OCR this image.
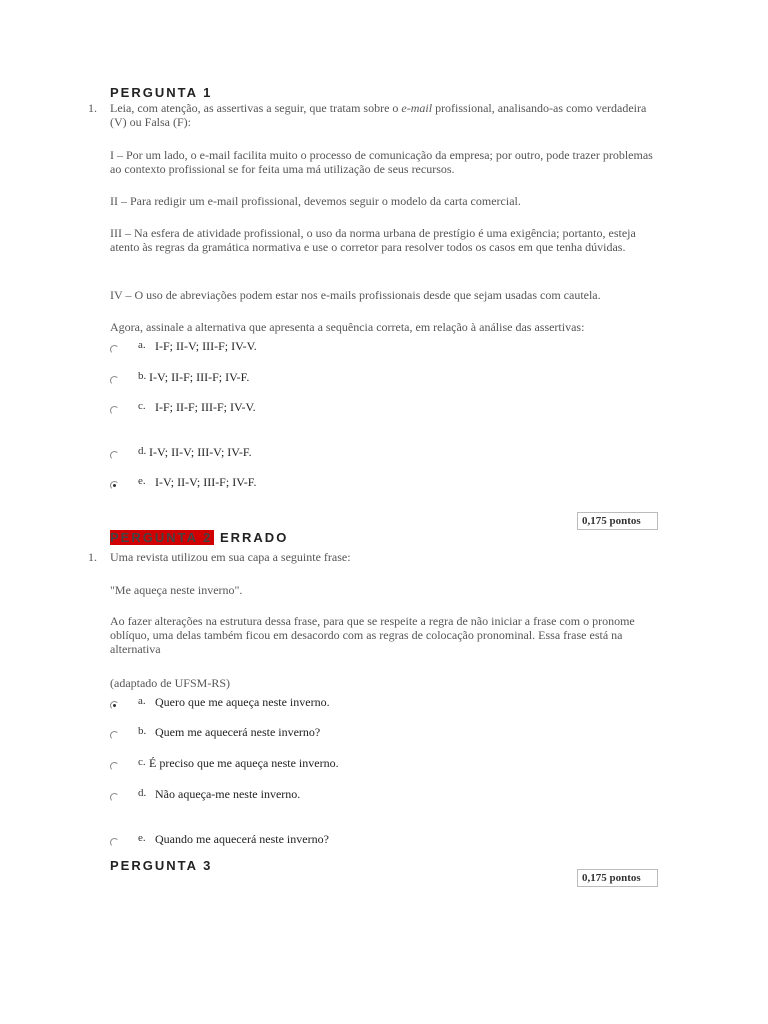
PERGUNTA 1
1. Leia, com atenção, as assertivas a seguir, que tratam sobre o e-mail profissional, analisando-as como verdadeira (V) ou Falsa (F):
I – Por um lado, o e-mail facilita muito o processo de comunicação da empresa; por outro, pode trazer problemas ao contexto profissional se for feita uma má utilização de seus recursos.
II – Para redigir um e-mail profissional, devemos seguir o modelo da carta comercial.
III – Na esfera de atividade profissional, o uso da norma urbana de prestígio é uma exigência; portanto, esteja atento às regras da gramática normativa e use o corretor para resolver todos os casos em que tenha dúvidas.
IV – O uso de abreviações podem estar nos e-mails profissionais desde que sejam usadas com cautela.
Agora, assinale a alternativa que apresenta a sequência correta, em relação à análise das assertivas:
a. I-F; II-V; III-F; IV-V.
b. I-V; II-F; III-F; IV-F.
c. I-F; II-F; III-F; IV-V.
d. I-V; II-V; III-V; IV-F.
e. I-V; II-V; III-F; IV-F.
0,175 pontos
PERGUNTA 2 ERRADO
1. Uma revista utilizou em sua capa a seguinte frase:
"Me aqueça neste inverno".
Ao fazer alterações na estrutura dessa frase, para que se respeite a regra de não iniciar a frase com o pronome oblíquo, uma delas também ficou em desacordo com as regras de colocação pronominal. Essa frase está na alternativa
(adaptado de UFSM-RS)
a. Quero que me aqueça neste inverno.
b. Quem me aquecerá neste inverno?
c. É preciso que me aqueça neste inverno.
d. Não aqueça-me neste inverno.
e. Quando me aquecerá neste inverno?
0,175 pontos
PERGUNTA 3
